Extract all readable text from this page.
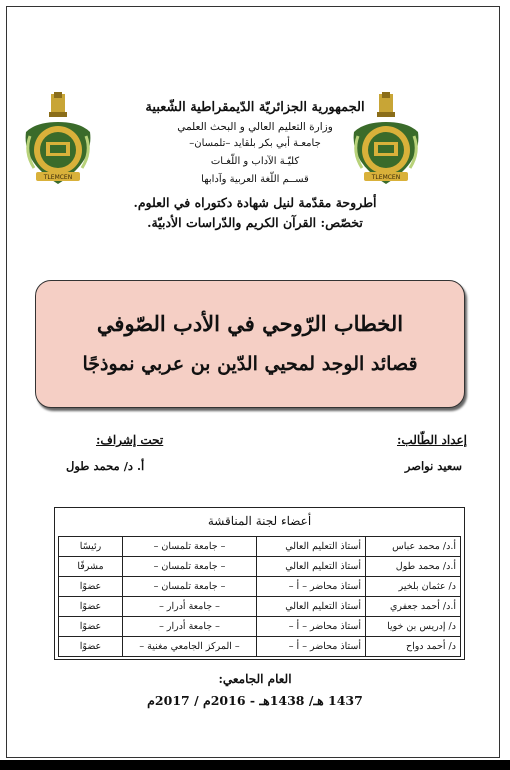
TLEMCEN	TLEMCEN
الجمهورية الجزائريّة الدّيمقراطية الشّعبية
وزارة التعليم العالي و البحث العلمي
جامعـة أبي بكر بلقايد –تلمسان–
كليّـة الآداب و اللّغـات
قســم اللّغة العربية وآدابها
أطروحة مقدّمة لنيل شهادة دكتوراه في العلوم.
تخصّص: القرآن الكريم والدّراسات الأدبيّة.
الخطاب الرّوحي في الأدب الصّوفي
قصائد الوجد لمحيي الدّين بن عربي نموذجًا
إعداد الطّالب:
سعيد نواصر
تحت إشراف:
أ. د/ محمد طول
أعضاء لجنة المناقشة
أ.د/ محمد عباس	أستاذ التعليم العالي	– جامعة تلمسان –	رئيسًا
أ.د/ محمد طول	أستاذ التعليم العالي	– جامعة تلمسان –	مشرفًا
د/ عثمان بلخير	أستاذ محاضر – أ –	– جامعة تلمسان –	عضوًا
أ.د/ أحمد جعفري	أستاذ التعليم العالي	– جامعة أدرار –	عضوًا
د/ إدريس بن خويا	أستاذ محاضر – أ –	– جامعة أدرار –	عضوًا
د/ أحمد دواح	أستاذ محاضر – أ –	– المركز الجامعي مغنية –	عضوًا
العام الجامعي:
1437 هـ/ 1438هـ - 2016م / 2017م
